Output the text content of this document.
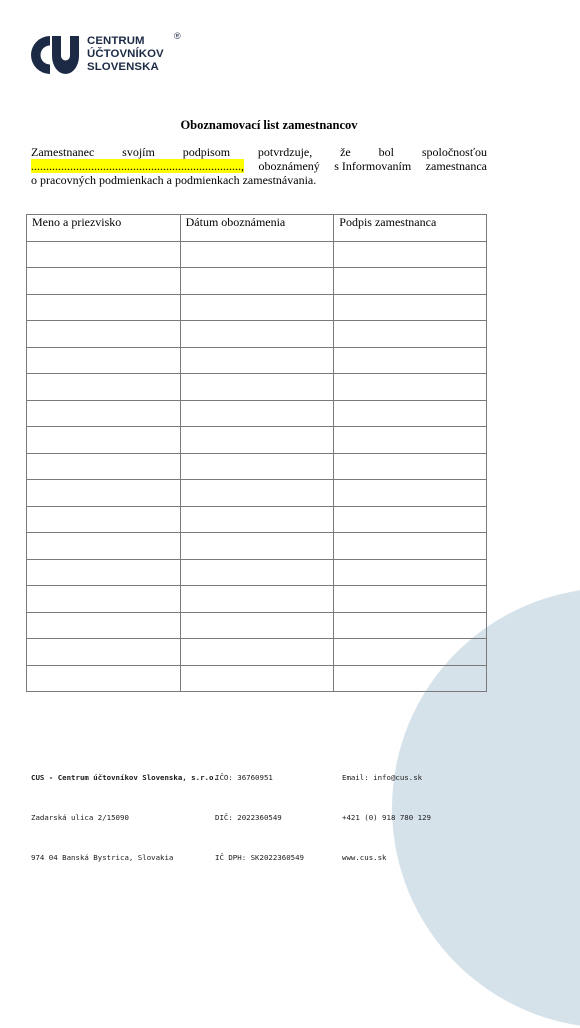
CENTRUM
ÚČTOVNÍKOV
SLOVENSKA
®
Oboznamovací list zamestnancov
Zamestnanec svojím podpisom potvrdzuje, že bol spoločnosťou
......................................................................, oboznámený s Informovaním zamestnanca
o pracovných podmienkach a podmienkach zamestnávania.
Meno a priezvisko	Dátum oboznámenia	Podpis zamestnanca

CUS - Centrum účtovníkov Slovenska, s.r.o.

Zadarská ulica 2/15090

974 04 Banská Bystrica, Slovakia

IČO: 36760951

DIČ: 2022360549

IČ DPH: SK2022360549

Email: info@cus.sk

+421 (0) 918 780 129

www.cus.sk
